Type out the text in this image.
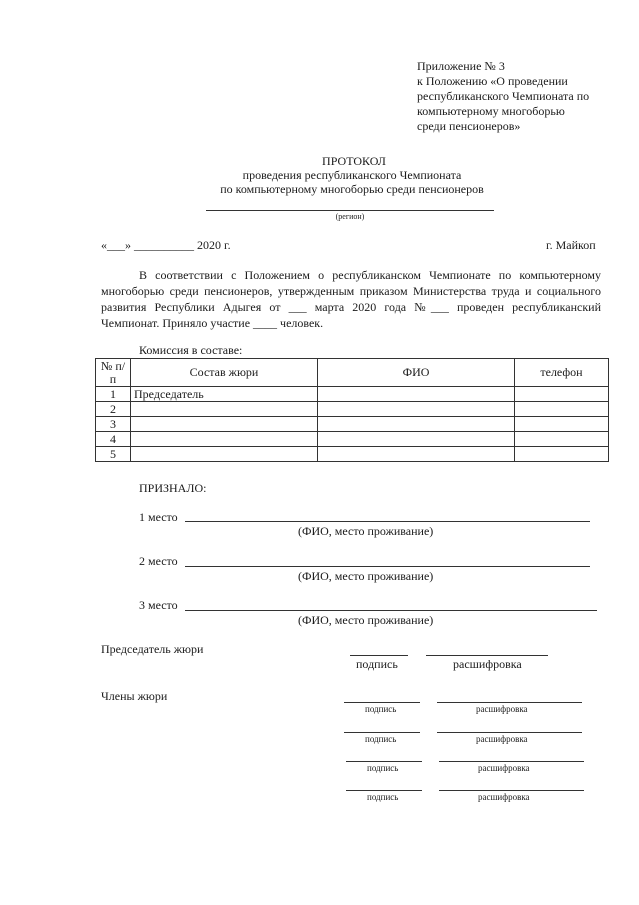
Приложение № 3
к Положению «О проведении
республиканского Чемпионата по
компьютерному многоборью
среди пенсионеров»
ПРОТОКОЛ
проведения республиканского Чемпионата
по компьютерному многоборью среди пенсионеров
(регион)
«___» __________ 2020 г.	г. Майкоп
В соответствии с Положением о республиканском Чемпионате по компьютерному многоборью среди пенсионеров, утвержденным приказом Министерства труда и социального развития Республики Адыгея от ___ марта 2020 года №___ проведен республиканский Чемпионат. Приняло участие ____ человек.
Комиссия в составе:
№ п/п	Состав жюри	ФИО	телефон
1	Председатель		
2			
3			
4			
5			
ПРИЗНАЛО:
1 место
(ФИО, место проживание)
2 место
(ФИО, место проживание)
3 место
(ФИО, место проживание)
Председатель жюри
подпись	расшифровка
Члены жюри
подпись	расшифровка
подпись	расшифровка
подпись	расшифровка
подпись	расшифровка
